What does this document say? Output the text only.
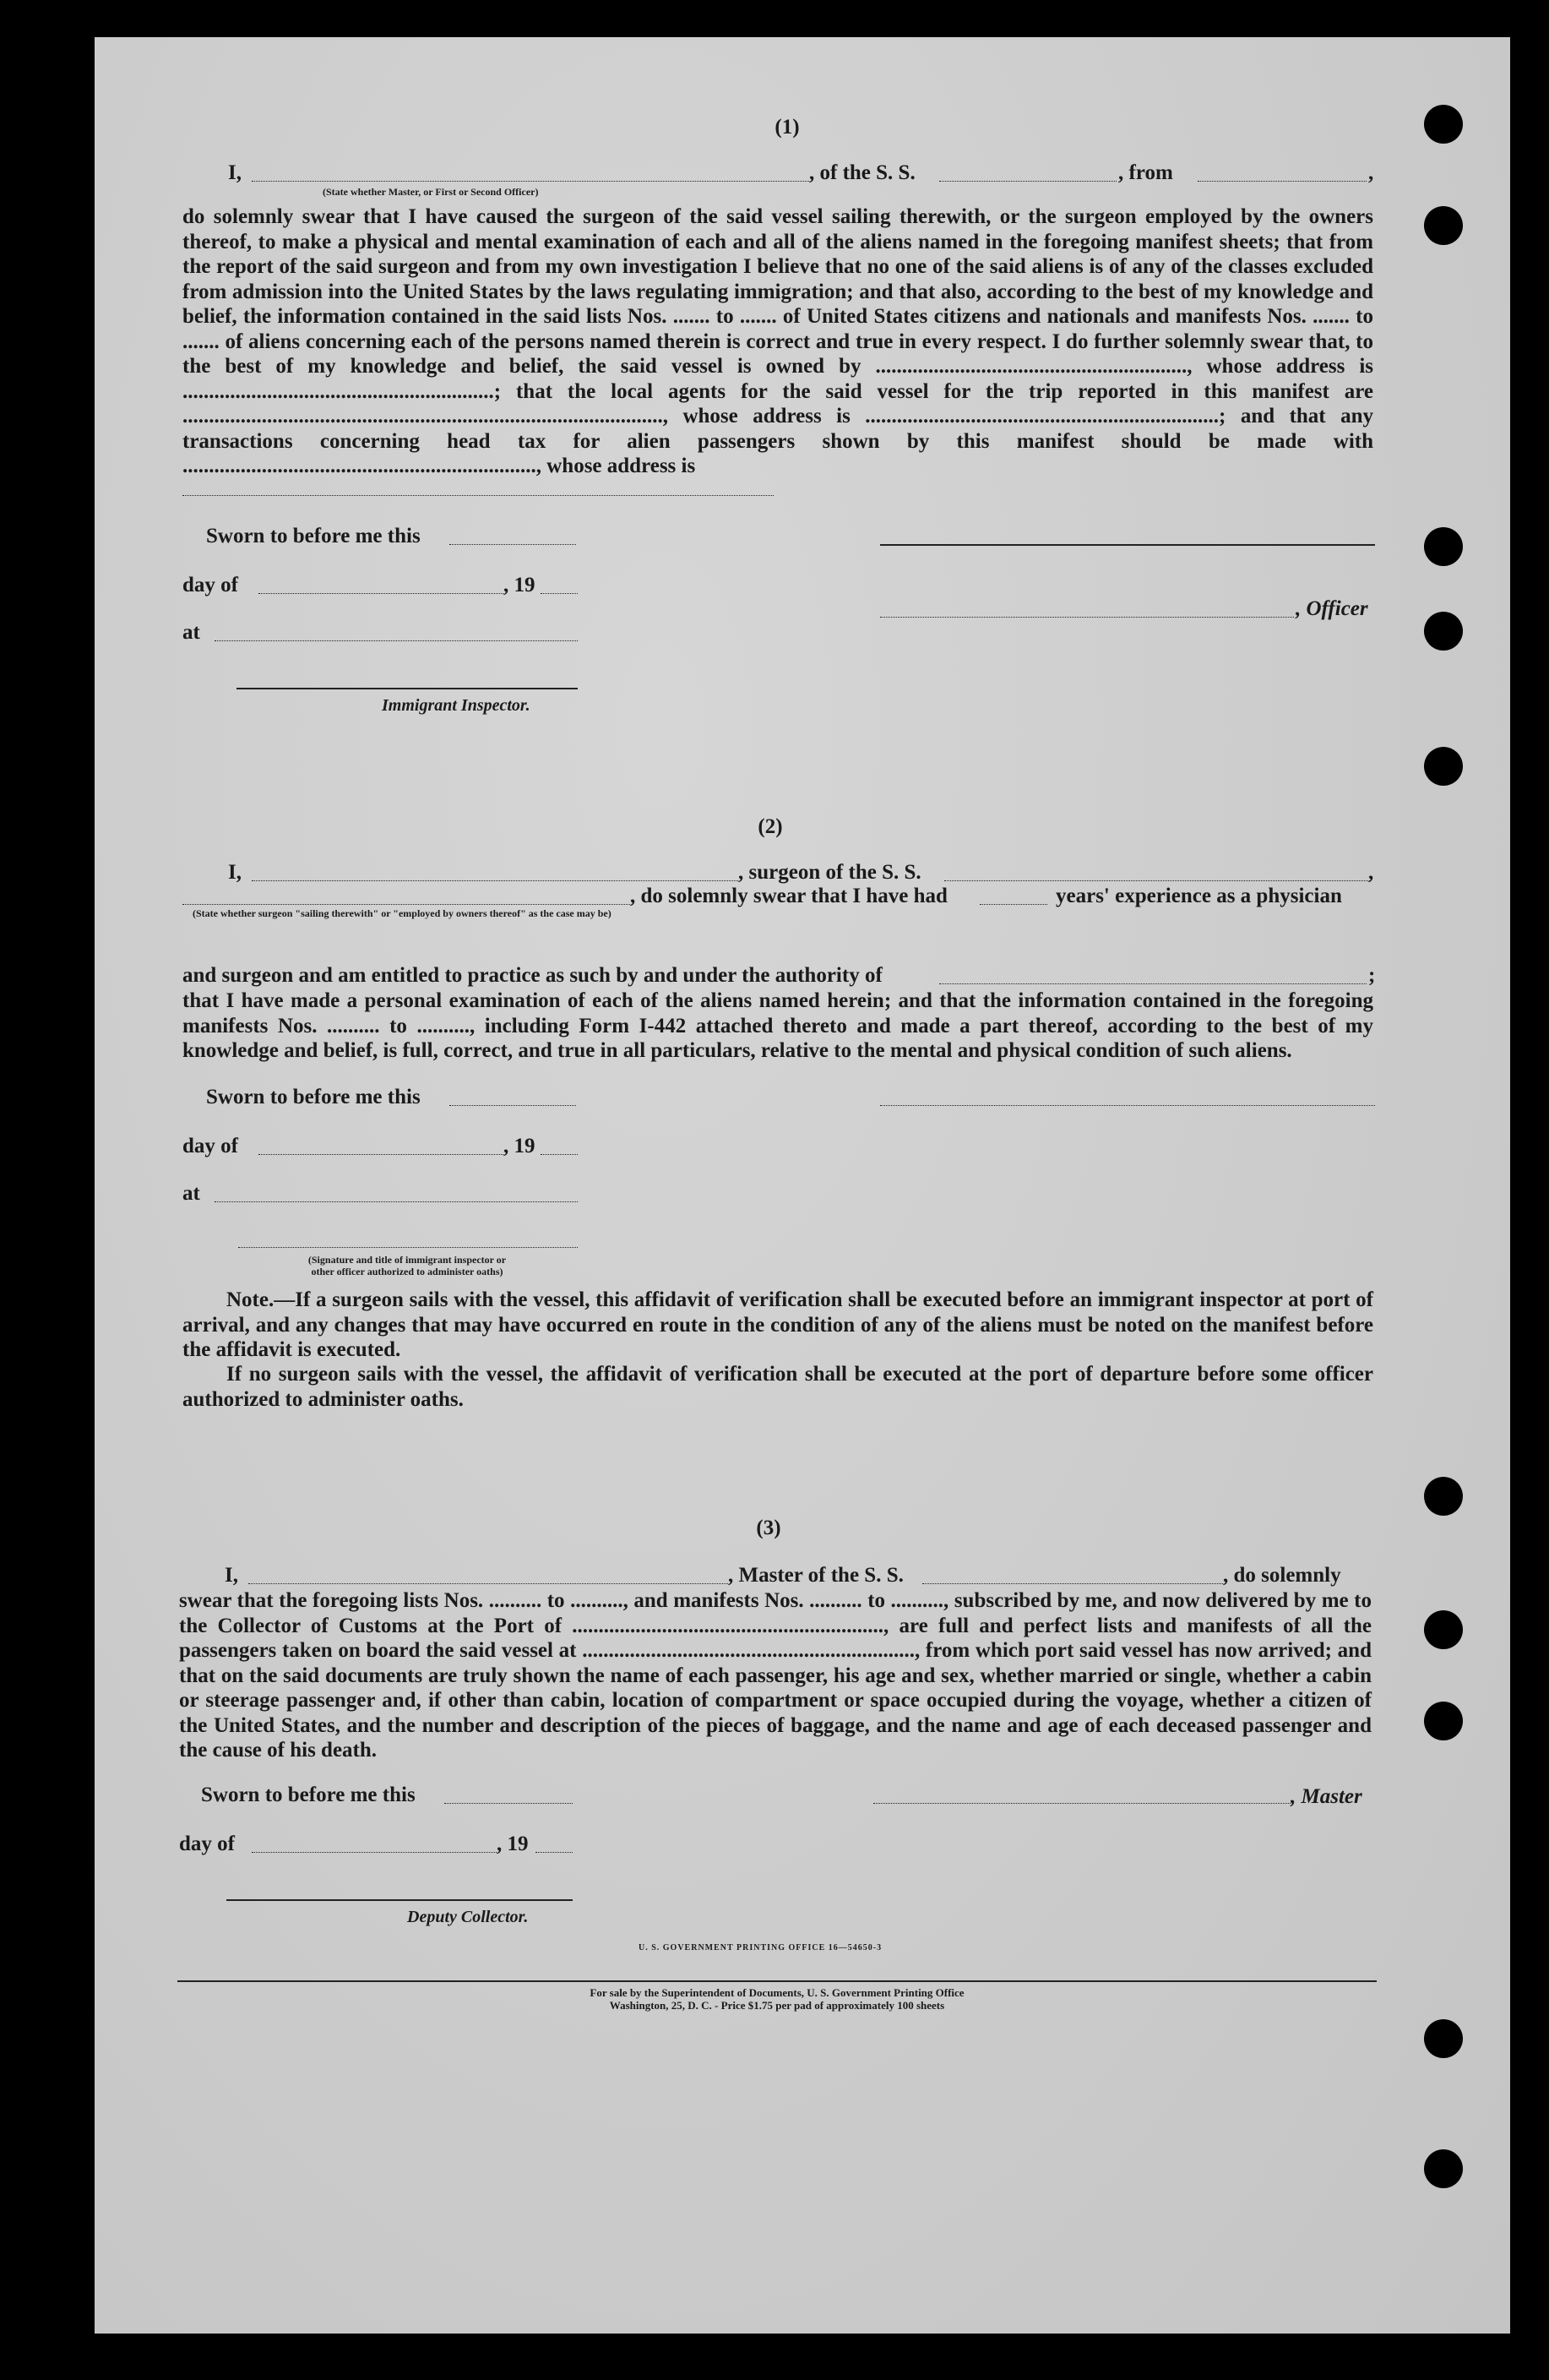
(1)
I,	, of the S. S.	, from	,
(State whether Master, or First or Second Officer)
do solemnly swear that I have caused the surgeon of the said vessel sailing therewith, or the surgeon employed by the owners thereof, to make a physical and mental examination of each and all of the aliens named in the foregoing manifest sheets; that from the report of the said surgeon and from my own investigation I believe that no one of the said aliens is of any of the classes excluded from admission into the United States by the laws regulating immigration; and that also, according to the best of my knowledge and belief, the information contained in the said lists Nos. ....... to ....... of United States citizens and nationals and manifests Nos. ....... to ....... of aliens concerning each of the persons named therein is correct and true in every respect. I do further solemnly swear that, to the best of my knowledge and belief, the said vessel is owned by ..........................................................., whose address is ...........................................................; that the local agents for the said vessel for the trip reported in this manifest are ..........................................................................................., whose address is ...................................................................; and that any transactions concerning head tax for alien passengers shown by this manifest should be made with ..................................................................., whose address is
Sworn to before me this
day of	, 19
, Officer
at
Immigrant Inspector.
(2)
I,	, surgeon of the S. S.	,
, do solemnly swear that I have had	years' experience as a physician
(State whether surgeon "sailing therewith" or "employed by owners thereof" as the case may be)
and surgeon and am entitled to practice as such by and under the authority of	;
that I have made a personal examination of each of the aliens named herein; and that the information contained in the foregoing manifests Nos. .......... to .........., including Form I-442 attached thereto and made a part thereof, according to the best of my knowledge and belief, is full, correct, and true in all particulars, relative to the mental and physical condition of such aliens.
Sworn to before me this
day of	, 19
at
(Signature and title of immigrant inspector or
other officer authorized to administer oaths)
Note.—If a surgeon sails with the vessel, this affidavit of verification shall be executed before an immigrant inspector at port of arrival, and any changes that may have occurred en route in the condition of any of the aliens must be noted on the manifest before the affidavit is executed.
If no surgeon sails with the vessel, the affidavit of verification shall be executed at the port of departure before some officer authorized to administer oaths.
(3)
I,	, Master of the S. S.	, do solemnly
swear that the foregoing lists Nos. .......... to .........., and manifests Nos. .......... to .........., subscribed by me, and now delivered by me to the Collector of Customs at the Port of ..........................................................., are full and perfect lists and manifests of all the passengers taken on board the said vessel at ..............................................................., from which port said vessel has now arrived; and that on the said documents are truly shown the name of each passenger, his age and sex, whether married or single, whether a cabin or steerage passenger and, if other than cabin, location of compartment or space occupied during the voyage, whether a citizen of the United States, and the number and description of the pieces of baggage, and the name and age of each deceased passenger and the cause of his death.
Sworn to before me this	, Master
day of	, 19
Deputy Collector.
U. S. GOVERNMENT PRINTING OFFICE 16—54650-3
For sale by the Superintendent of Documents, U. S. Government Printing Office
Washington, 25, D. C. - Price $1.75 per pad of approximately 100 sheets
